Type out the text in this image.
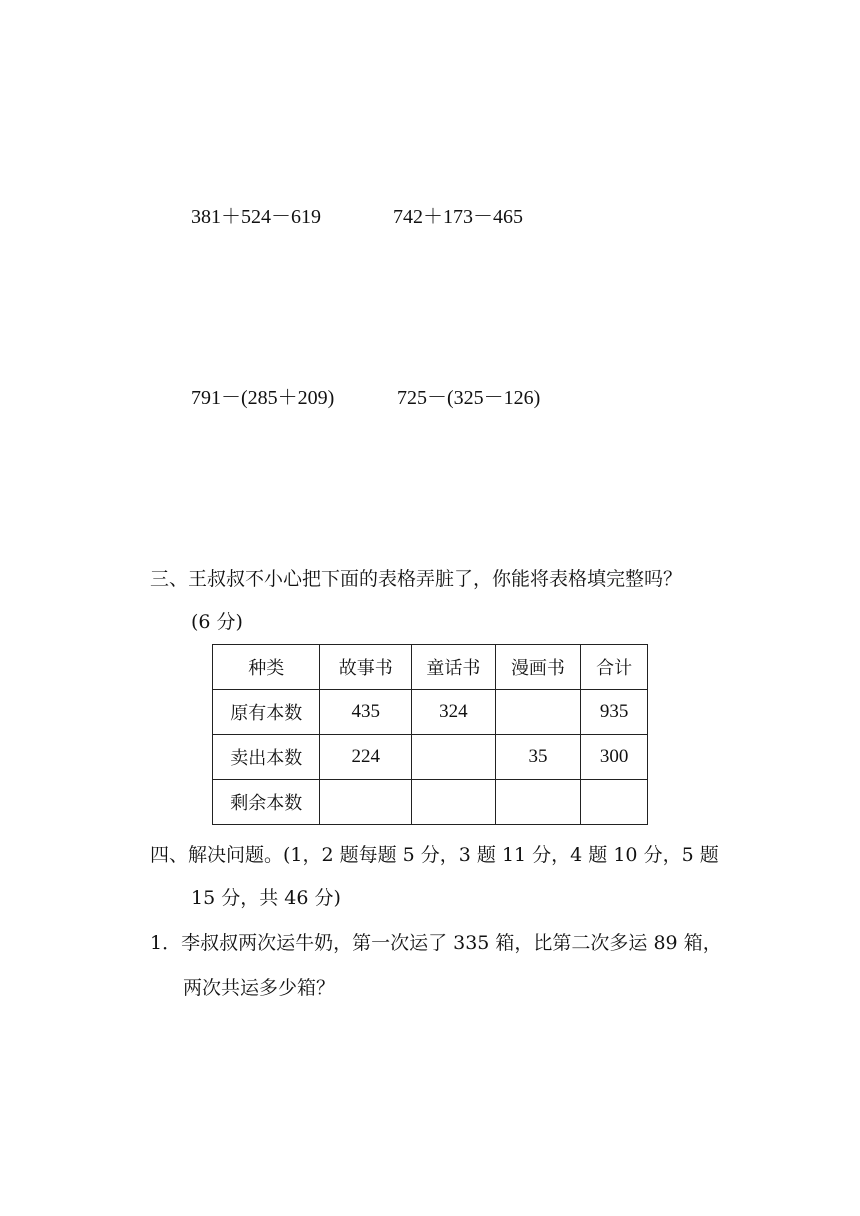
381＋524－619	742＋173－465
791－(285＋209)	725－(325－126)
三、王叔叔不小心把下面的表格弄脏了，你能将表格填完整吗？
(6 分)
种类	故事书	童话书	漫画书	合计
原有本数	435	324		935
卖出本数	224		35	300
剩余本数				
四、解决问题。(1，2 题每题 5 分，3 题 11 分，4 题 10 分，5 题
15 分，共 46 分)
1．李叔叔两次运牛奶，第一次运了 335 箱，比第二次多运 89 箱，
两次共运多少箱？
